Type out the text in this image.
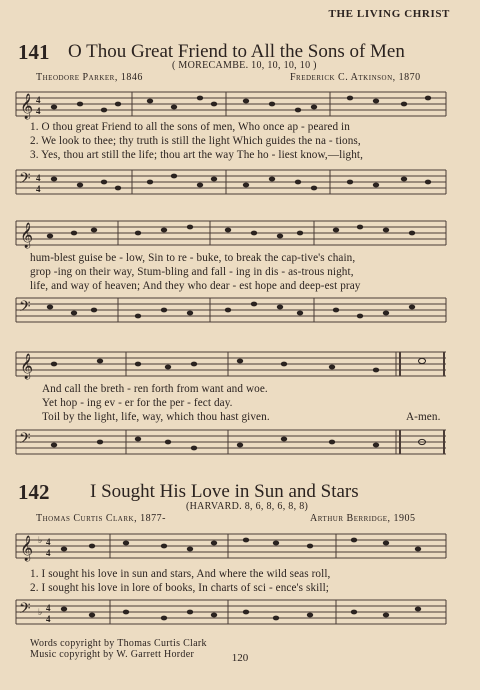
THE LIVING CHRIST
141 O Thou Great Friend to All the Sons of Men
( MORECAMBE. 10, 10, 10, 10 )
Theodore Parker, 1846	Frederick C. Atkinson, 1870
𝄞 4
4
1. O thou great Friend to all the sons of men, Who once ap - peared in
2. We look to thee; thy truth is still the light Which guides the na - tions,
3. Yes, thou art still the life; thou art the way The ho - liest know,—light,
𝄢 4
4
𝄞
hum-blest guise be - low, Sin to re - buke, to break the cap-tive's chain,
grop -ing on their way, Stum-bling and fall - ing in dis - as-trous night,
life, and way of heaven; And they who dear - est hope and deep-est pray
𝄢
𝄞
And call the breth - ren forth from want and woe.
Yet hop - ing ev - er for the per - fect day.
Toil by the light, life, way, which thou hast given.	A-men.
𝄢
142 I Sought His Love in Sun and Stars
(HARVARD. 8, 6, 8, 6, 8, 8)
Thomas Curtis Clark, 1877-	Arthur Berridge, 1905
𝄞 ♭ 4
4
1. I sought his love in sun and stars, And where the wild seas roll,
2. I sought his love in lore of books, In charts of sci - ence's skill;
𝄢 ♭ 4
4
Words copyright by Thomas Curtis Clark
Music copyright by W. Garrett Horder	120
